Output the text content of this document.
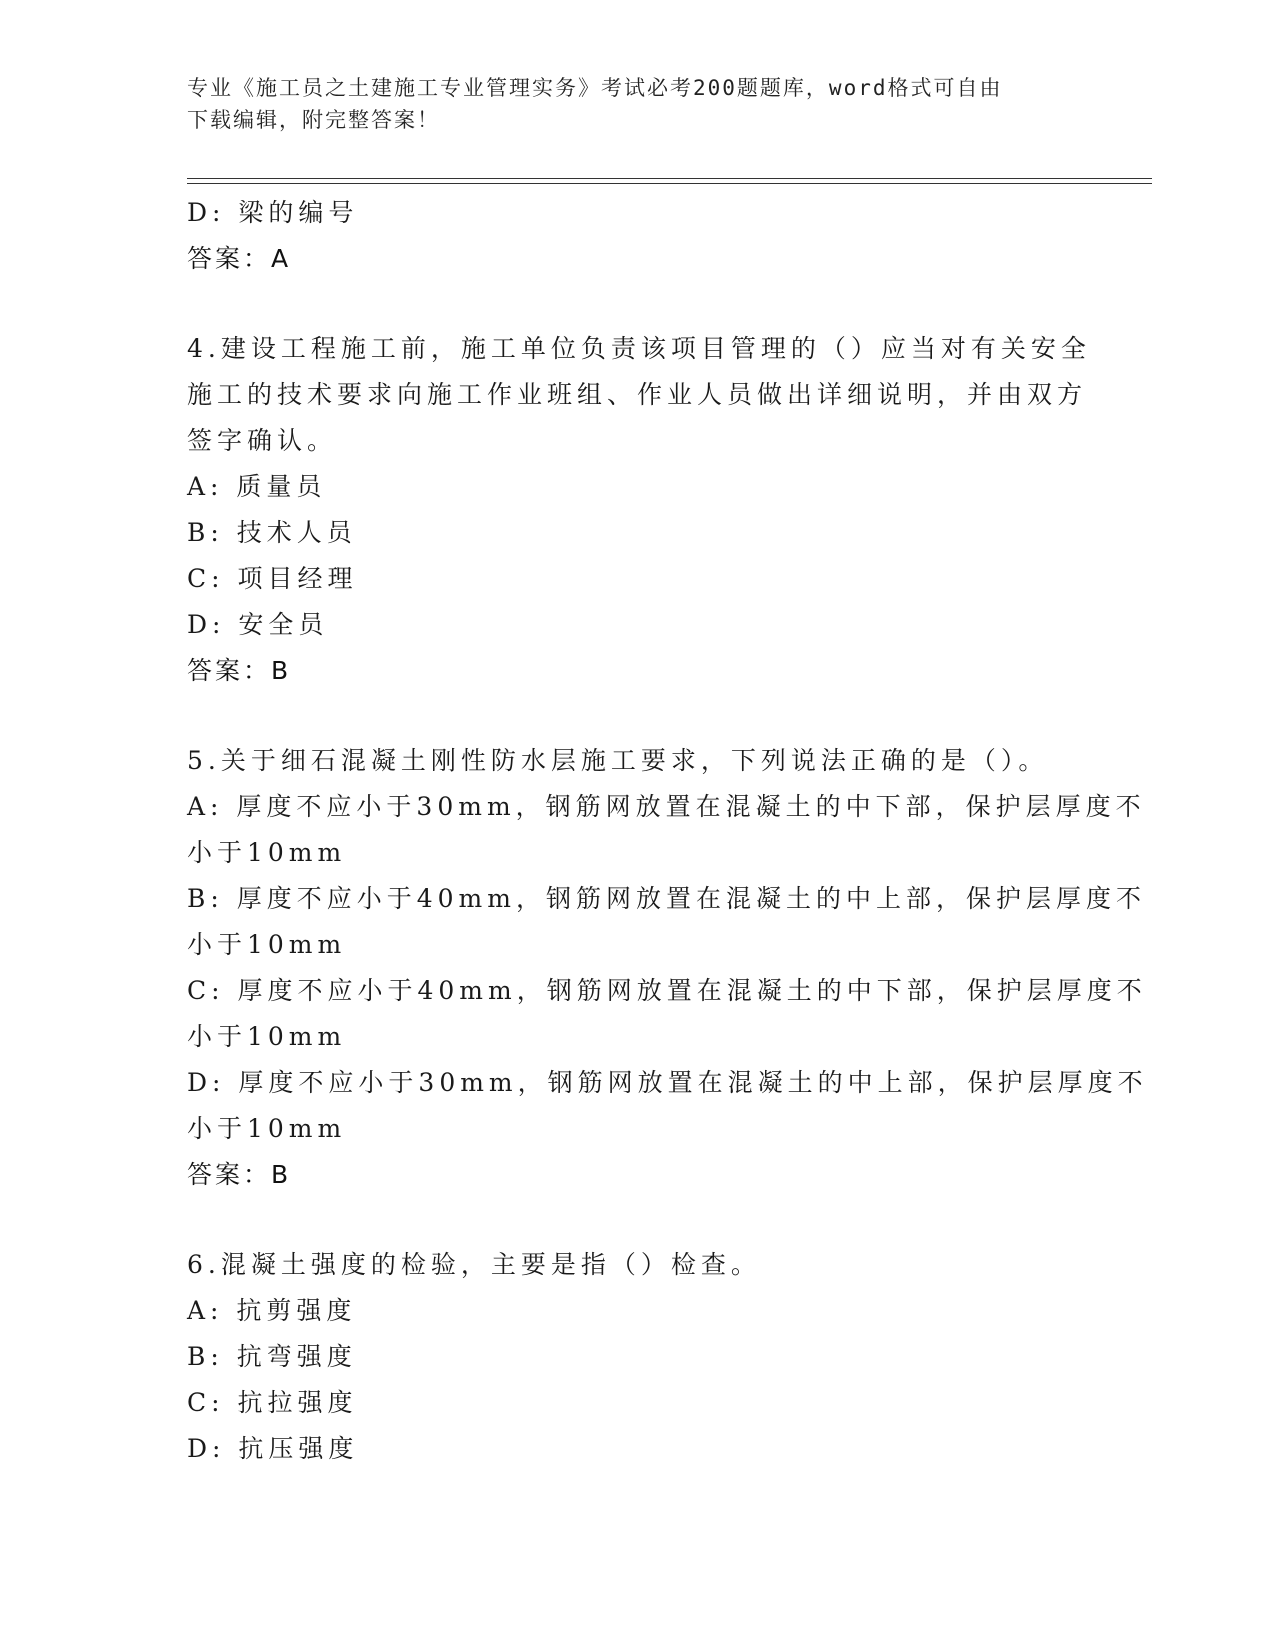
专业《施工员之土建施工专业管理实务》考试必考200题题库，word格式可自由
下载编辑，附完整答案！
D: 梁的编号
答案：A
4.建设工程施工前，施工单位负责该项目管理的（）应当对有关安全
施工的技术要求向施工作业班组、作业人员做出详细说明，并由双方
签字确认。
A: 质量员
B: 技术人员
C: 项目经理
D: 安全员
答案：B
5.关于细石混凝土刚性防水层施工要求，下列说法正确的是（）。
A: 厚度不应小于30mm，钢筋网放置在混凝土的中下部，保护层厚度不
小于10mm
B: 厚度不应小于40mm，钢筋网放置在混凝土的中上部，保护层厚度不
小于10mm
C: 厚度不应小于40mm，钢筋网放置在混凝土的中下部，保护层厚度不
小于10mm
D: 厚度不应小于30mm，钢筋网放置在混凝土的中上部，保护层厚度不
小于10mm
答案：B
6.混凝土强度的检验，主要是指（）检查。
A: 抗剪强度
B: 抗弯强度
C: 抗拉强度
D: 抗压强度
